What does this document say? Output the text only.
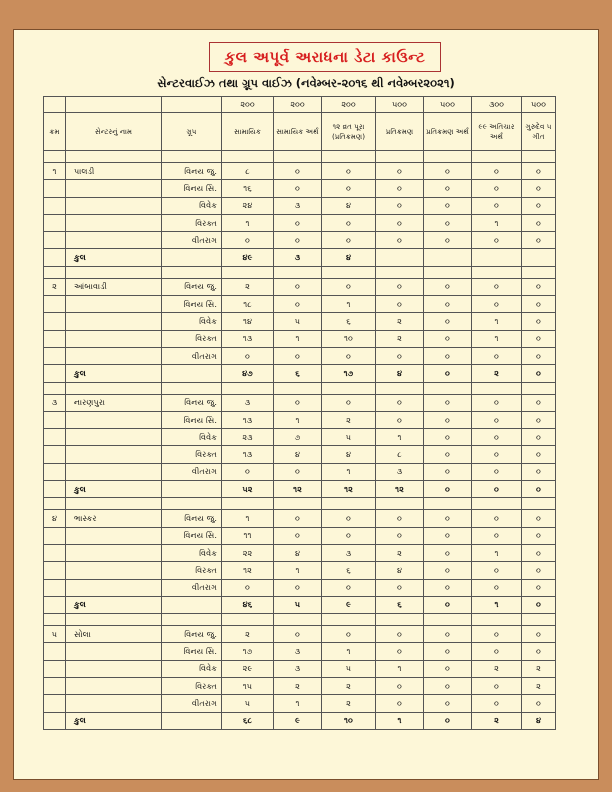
કુલ અપૂર્વ અરાધના ડેટા કાઉન્ટ
સેન્ટરવાઈઝ તથા ગ્રૂપ વાઈઝ (નવેમ્બર-૨૦૧૬ થી નવેમ્બર૨૦૨૧)
			૨૦૦	૨૦૦	૨૦૦	૫૦૦	૫૦૦	૩૦૦	૫૦૦
ક્રમ	સેન્ટરનું નામ	ગ્રૂપ	સામાયિક	સામાયિક અર્થ	૧૨ વ્રત પૂરા (પ્રતિક્રમણ)	પ્રતિક્રમણ	પ્રતિક્રમણ અર્થ	૯૯ અતિચાર અર્થ	ગુરુદેવ ૫ ગીત

૧	પાલડી	વિનય જુ.	૮	૦	૦	૦	૦	૦	૦
		વિનય સિ.	૧૬	૦	૦	૦	૦	૦	૦
		વિવેક	૨૪	૩	૪	૦	૦	૦	૦
		વિરક્ત	૧	૦	૦	૦	૦	૧	૦
		વીતરાગ	૦	૦	૦	૦	૦	૦	૦
	કુલ		૪૯	૩	૪				

૨	આંબાવાડી	વિનય જુ.	૨	૦	૦	૦	૦	૦	૦
		વિનય સિ.	૧૮	૦	૧	૦	૦	૦	૦
		વિવેક	૧૪	૫	૬	૨	૦	૧	૦
		વિરક્ત	૧૩	૧	૧૦	૨	૦	૧	૦
		વીતરાગ	૦	૦	૦	૦	૦	૦	૦
	કુલ		૪૭	૬	૧૭	૪	૦	૨	૦

૩	નારણપુરા	વિનય જુ.	૩	૦	૦	૦	૦	૦	૦
		વિનય સિ.	૧૩	૧	૨	૦	૦	૦	૦
		વિવેક	૨૩	૭	૫	૧	૦	૦	૦
		વિરક્ત	૧૩	૪	૪	૮	૦	૦	૦
		વીતરાગ	૦	૦	૧	૩	૦	૦	૦
	કુલ		૫૨	૧૨	૧૨	૧૨	૦	૦	૦

૪	ભાસ્કર	વિનય જુ.	૧	૦	૦	૦	૦	૦	૦
		વિનય સિ.	૧૧	૦	૦	૦	૦	૦	૦
		વિવેક	૨૨	૪	૩	૨	૦	૧	૦
		વિરક્ત	૧૨	૧	૬	૪	૦	૦	૦
		વીતરાગ	૦	૦	૦	૦	૦	૦	૦
	કુલ		૪૬	૫	૯	૬	૦	૧	૦

૫	સોલા	વિનય જુ.	૨	૦	૦	૦	૦	૦	૦
		વિનય સિ.	૧૭	૩	૧	૦	૦	૦	૦
		વિવેક	૨૯	૩	૫	૧	૦	૨	૨
		વિરક્ત	૧૫	૨	૨	૦	૦	૦	૨
		વીતરાગ	૫	૧	૨	૦	૦	૦	૦
	કુલ		૬૮	૯	૧૦	૧	૦	૨	૪
